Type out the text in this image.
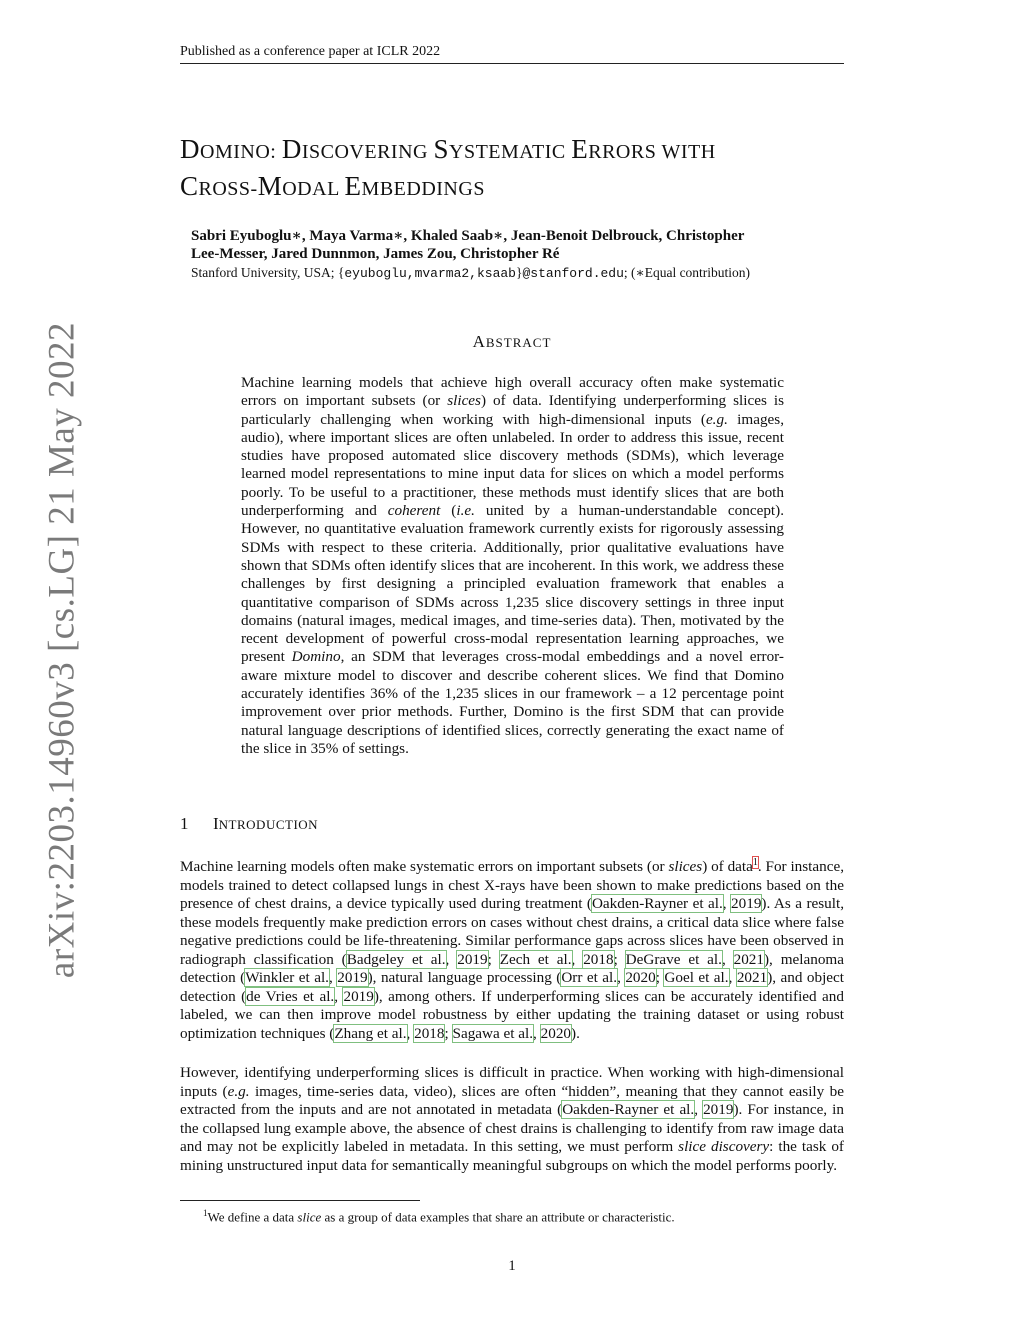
Published as a conference paper at ICLR 2022
arXiv:2203.14960v3 [cs.LG] 21 May 2022
DOMINO: DISCOVERING SYSTEMATIC ERRORS WITH
CROSS-MODAL EMBEDDINGS
Sabri Eyuboglu∗, Maya Varma∗, Khaled Saab∗, Jean-Benoit Delbrouck, Christopher
Lee-Messer, Jared Dunnmon, James Zou, Christopher Ré
Stanford University, USA; {eyuboglu,mvarma2,ksaab}@stanford.edu; (∗Equal contribution)
ABSTRACT
Machine learning models that achieve high overall accuracy often make systematic errors on important subsets (or slices) of data. Identifying underperforming slices is particularly challenging when working with high-dimensional inputs (e.g. images, audio), where important slices are often unlabeled. In order to address this issue, recent studies have proposed automated slice discovery methods (SDMs), which leverage learned model representations to mine input data for slices on which a model performs poorly. To be useful to a practitioner, these methods must identify slices that are both underperforming and coherent (i.e. united by a human-understandable concept). However, no quantitative evaluation framework currently exists for rigorously assessing SDMs with respect to these criteria. Additionally, prior qualitative evaluations have shown that SDMs often identify slices that are incoherent. In this work, we address these challenges by first designing a principled evaluation framework that enables a quantitative comparison of SDMs across 1,235 slice discovery settings in three input domains (natural images, medical images, and time-series data). Then, motivated by the recent development of powerful cross-modal representation learning approaches, we present Domino, an SDM that leverages cross-modal embeddings and a novel error-aware mixture model to discover and describe coherent slices. We find that Domino accurately identifies 36% of the 1,235 slices in our framework – a 12 percentage point improvement over prior methods. Further, Domino is the first SDM that can provide natural language descriptions of identified slices, correctly generating the exact name of the slice in 35% of settings.
1 INTRODUCTION
Machine learning models often make systematic errors on important subsets (or slices) of data$^1$. For instance, models trained to detect collapsed lungs in chest X-rays have been shown to make predictions based on the presence of chest drains, a device typically used during treatment (Oakden-Rayner et al., 2019). As a result, these models frequently make prediction errors on cases without chest drains, a critical data slice where false negative predictions could be life-threatening. Similar performance gaps across slices have been observed in radiograph classification (Badgeley et al., 2019; Zech et al., 2018; DeGrave et al., 2021), melanoma detection (Winkler et al., 2019), natural language processing (Orr et al., 2020; Goel et al., 2021), and object detection (de Vries et al., 2019), among others. If underperforming slices can be accurately identified and labeled, we can then improve model robustness by either updating the training dataset or using robust optimization techniques (Zhang et al., 2018; Sagawa et al., 2020).
However, identifying underperforming slices is difficult in practice. When working with high-dimensional inputs (e.g. images, time-series data, video), slices are often “hidden”, meaning that they cannot easily be extracted from the inputs and are not annotated in metadata (Oakden-Rayner et al., 2019). For instance, in the collapsed lung example above, the absence of chest drains is challenging to identify from raw image data and may not be explicitly labeled in metadata. In this setting, we must perform slice discovery: the task of mining unstructured input data for semantically meaningful subgroups on which the model performs poorly.
$^1$We define a data slice as a group of data examples that share an attribute or characteristic.
1
